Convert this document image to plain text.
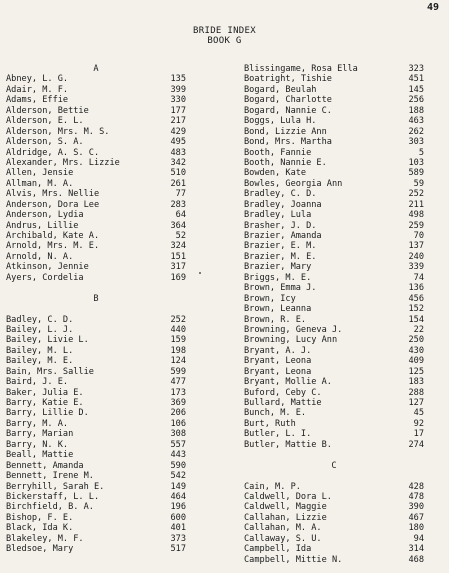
49
BRIDE INDEX
BOOK G
A
Abney, L. G.	135
Adair, M. F.	399
Adams, Effie	330
Alderson, Bettie	177
Alderson, E. L.	217
Alderson, Mrs. M. S.	429
Alderson, S. A.	495
Aldridge, A. S. C.	483
Alexander, Mrs. Lizzie	342
Allen, Jensie	510
Allman, M. A.	261
Alvis, Mrs. Nellie	77
Anderson, Dora Lee	283
Anderson, Lydia	64
Andrus, Lillie	364
Archibald, Kate A.	52
Arnold, Mrs. M. E.	324
Arnold, N. A.	151
Atkinson, Jennie	317
Ayers, Cordelia	169
B
Badley, C. D.	252
Bailey, L. J.	440
Bailey, Livie L.	159
Bailey, M. L.	198
Bailey, M. E.	124
Bain, Mrs. Sallie	599
Baird, J. E.	477
Baker, Julia E.	173
Barry, Katie E.	369
Barry, Lillie D.	206
Barry, M. A.	106
Barry, Marian	308
Barry, N. K.	557
Beall, Mattie	443
Bennett, Amanda	590
Bennett, Irene M.	542
Berryhill, Sarah E.	149
Bickerstaff, L. L.	464
Birchfield, B. A.	196
Bishop, F. E.	600
Black, Ida K.	401
Blakeley, M. F.	373
Bledsoe, Mary	517
Blissingame, Rosa Ella	323
Boatright, Tishie	451
Bogard, Beulah	145
Bogard, Charlotte	256
Bogard, Nannie C.	188
Boggs, Lula H.	463
Bond, Lizzie Ann	262
Bond, Mrs. Martha	303
Booth, Fannie	5
Booth, Nannie E.	103
Bowden, Kate	589
Bowles, Georgia Ann	59
Bradley, C. D.	252
Bradley, Joanna	211
Bradley, Lula	498
Brasher, J. D.	259
Brazier, Amanda	70
Brazier, E. M.	137
Brazier, M. E.	240
Brazier, Mary	339
Briggs, M. E.	74
Brown, Emma J.	136
Brown, Icy	456
Brown, Leanna	152
Brown, R. E.	154
Browning, Geneva J.	22
Browning, Lucy Ann	250
Bryant, A. J.	430
Bryant, Leona	409
Bryant, Leona	125
Bryant, Mollie A.	183
Buford, Ceby C.	288
Bullard, Mattie	127
Bunch, M. E.	45
Burt, Ruth	92
Butler, L. I.	17
Butler, Mattie B.	274
C
Cain, M. P.	428
Caldwell, Dora L.	478
Caldwell, Maggie	390
Callahan, Lizzie	467
Callahan, M. A.	180
Callaway, S. U.	94
Campbell, Ida	314
Campbell, Mittie N.	468
